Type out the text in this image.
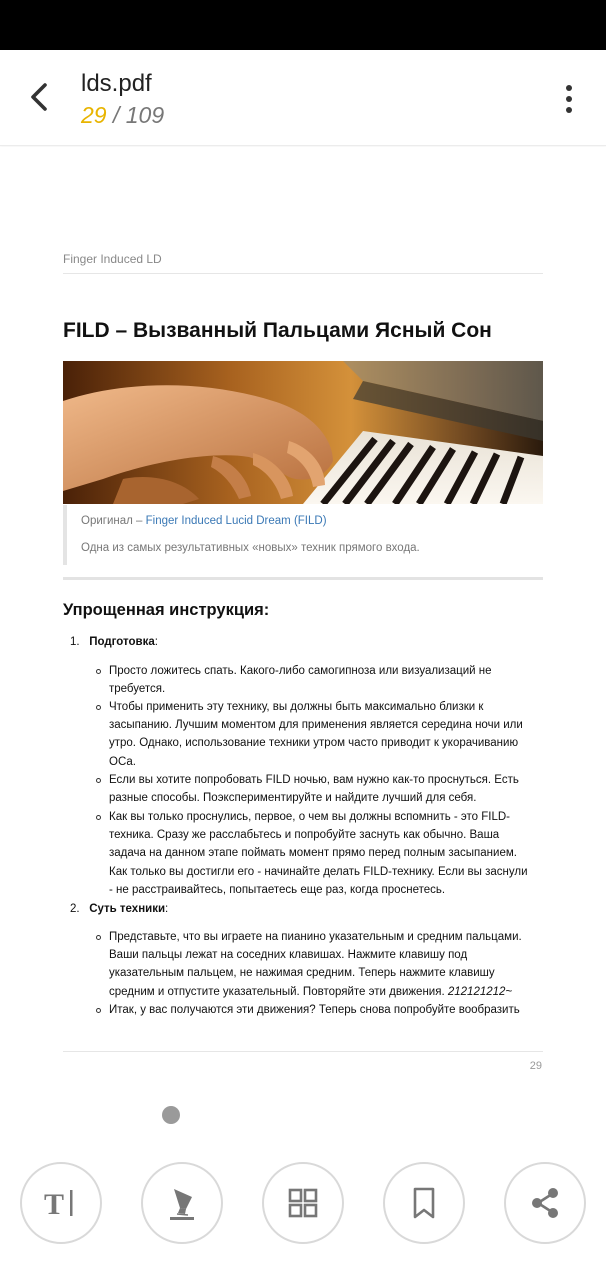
lds.pdf
29 / 109
Finger Induced LD
FILD – Вызванный Пальцами Ясный Сон
Оригинал – Finger Induced Lucid Dream (FILD)
Одна из самых результативных «новых» техник прямого входа.
Упрощенная инструкция:
1. Подготовка:
Просто ложитесь спать. Какого-либо самогипноза или визуализаций не
требуется.
Чтобы применить эту технику, вы должны быть максимально близки к
засыпанию. Лучшим моментом для применения является середина ночи или
утро. Однако, использование техники утром часто приводит к укорачиванию
ОСа.
Если вы хотите попробовать FILD ночью, вам нужно как-то проснуться. Есть
разные способы. Поэкспериментируйте и найдите лучший для себя.
Как вы только проснулись, первое, о чем вы должны вспомнить - это FILD-
техника. Сразу же расслабьтесь и попробуйте заснуть как обычно. Ваша
задача на данном этапе поймать момент прямо перед полным засыпанием.
Как только вы достигли его - начинайте делать FILD-технику. Если вы заснули
- не расстраивайтесь, попытаетесь еще раз, когда проснетесь.
2. Суть техники:
Представьте, что вы играете на пианино указательным и средним пальцами.
Ваши пальцы лежат на соседних клавишах. Нажмите клавишу под
указательным пальцем, не нажимая средним. Теперь нажмите клавишу
средним и отпустите указательный. Повторяйте эти движения. 212121212~
Итак, у вас получаются эти движения? Теперь снова попробуйте вообразить
29
T
